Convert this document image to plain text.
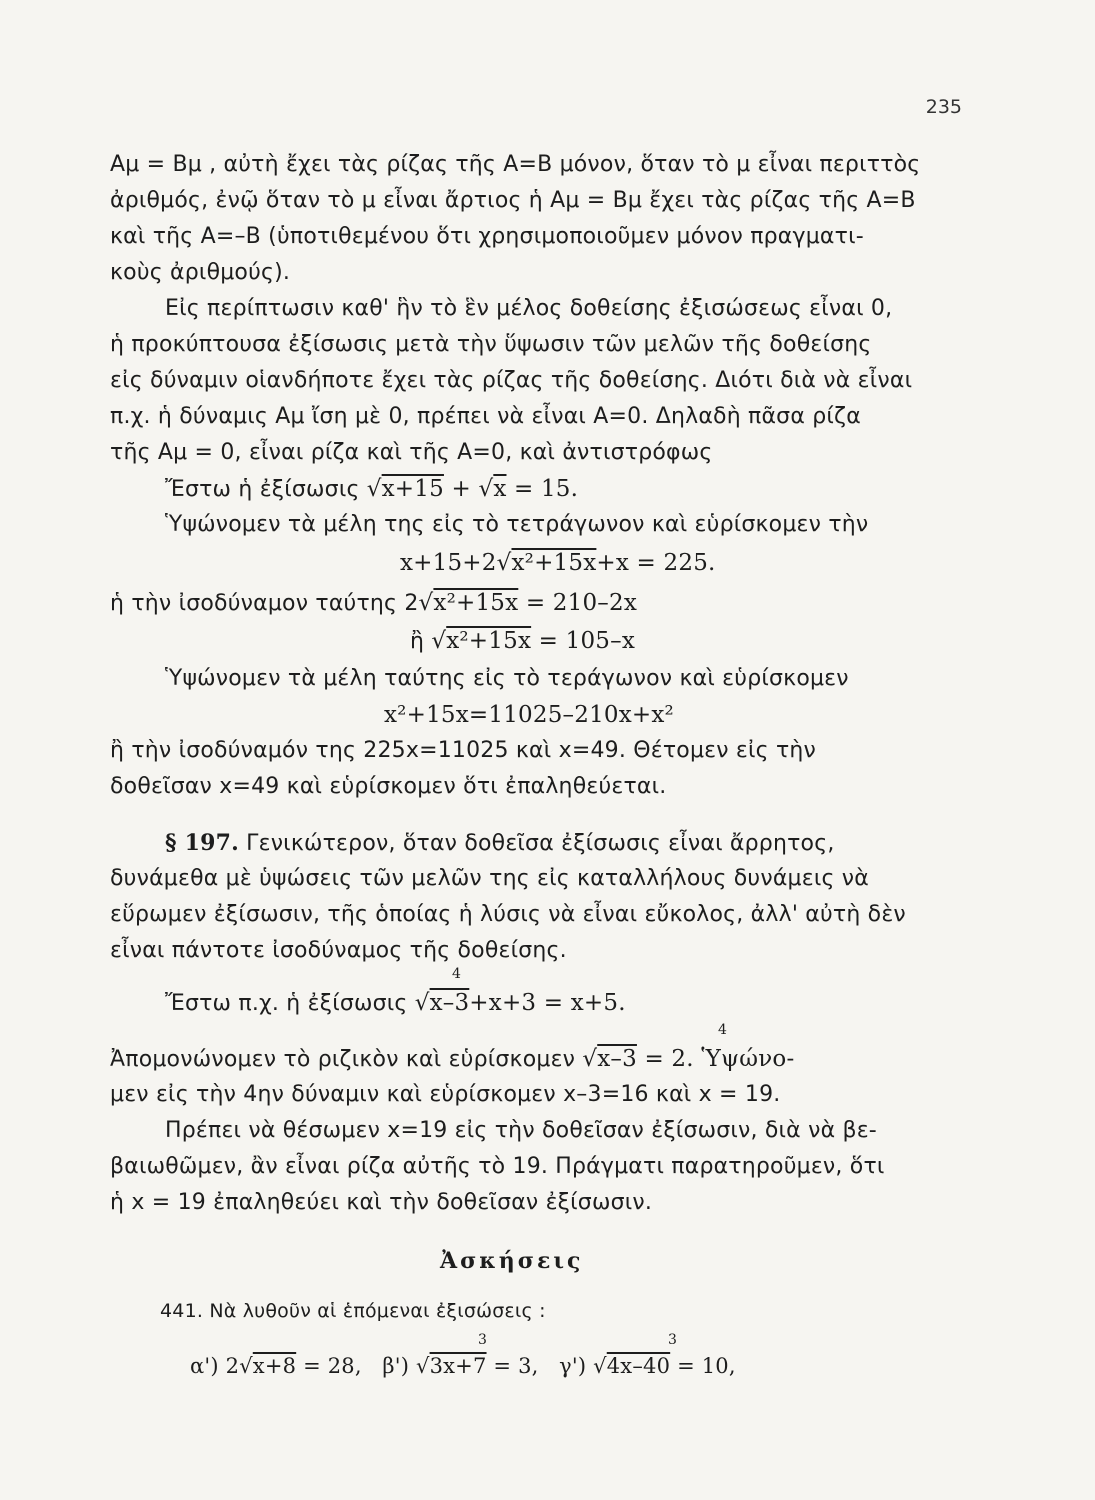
235
Aμ = Bμ , αὐτὴ ἔχει τὰς ρίζας τῆς A=B μόνον, ὅταν τὸ μ εἶναι περιττὸς
ἀριθμός, ἐνῷ ὅταν τὸ μ εἶναι ἄρτιος ἡ Aμ = Bμ ἔχει τὰς ρίζας τῆς A=B
καὶ τῆς A=–B (ὑποτιθεμένου ὅτι χρησιμοποιοῦμεν μόνον πραγματι-
κοὺς ἀριθμούς).
Εἰς περίπτωσιν καθ' ἣν τὸ ἓν μέλος δοθείσης ἐξισώσεως εἶναι 0,
ἡ προκύπτουσα ἐξίσωσις μετὰ τὴν ὕψωσιν τῶν μελῶν τῆς δοθείσης
εἰς δύναμιν οἱανδήποτε ἔχει τὰς ρίζας τῆς δοθείσης. Διότι διὰ νὰ εἶναι
π.χ. ἡ δύναμις Aμ ἴση μὲ 0, πρέπει νὰ εἶναι A=0. Δηλαδὴ πᾶσα ρίζα
τῆς Aμ = 0, εἶναι ρίζα καὶ τῆς A=0, καὶ ἀντιστρόφως
Ἔστω ἡ ἐξίσωσις √x+15 + √x = 15.
Ὑψώνομεν τὰ μέλη της εἰς τὸ τετράγωνον καὶ εὑρίσκομεν τὴν
x+15+2√x²+15x+x = 225.
ἡ τὴν ἰσοδύναμον ταύτης 2√x²+15x = 210–2x
ἢ √x²+15x = 105–x
Ὑψώνομεν τὰ μέλη ταύτης εἰς τὸ τεράγωνον καὶ εὑρίσκομεν
x²+15x=11025–210x+x²
ἢ τὴν ἰσοδύναμόν της 225x=11025 καὶ x=49. Θέτομεν εἰς τὴν
δοθεῖσαν x=49 καὶ εὑρίσκομεν ὅτι ἐπαληθεύεται.
§ 197. Γενικώτερον, ὅταν δοθεῖσα ἐξίσωσις εἶναι ἄρρητος,
δυνάμεθα μὲ ὑψώσεις τῶν μελῶν της εἰς καταλλήλους δυνάμεις νὰ
εὕρωμεν ἐξίσωσιν, τῆς ὁποίας ἡ λύσις νὰ εἶναι εὔκολος, ἀλλ' αὐτὴ δὲν
εἶναι πάντοτε ἰσοδύναμος τῆς δοθείσης.
4
Ἔστω π.χ. ἡ ἐξίσωσις √x–3+x+3 = x+5.
4
Ἀπομονώνομεν τὸ ριζικὸν καὶ εὑρίσκομεν √x–3 = 2. Ὑψώνο-
μεν εἰς τὴν 4ην δύναμιν καὶ εὑρίσκομεν x–3=16 καὶ x = 19.
Πρέπει νὰ θέσωμεν x=19 εἰς τὴν δοθεῖσαν ἐξίσωσιν, διὰ νὰ βε-
βαιωθῶμεν, ἂν εἶναι ρίζα αὐτῆς τὸ 19. Πράγματι παρατηροῦμεν, ὅτι
ἡ x = 19 ἐπαληθεύει καὶ τὴν δοθεῖσαν ἐξίσωσιν.
Ἀσκήσεις
441. Νὰ λυθοῦν αἱ ἑπόμεναι ἐξισώσεις :
3	3
α') 2√x+8 = 28, β') √3x+7 = 3, γ') √4x–40 = 10,
